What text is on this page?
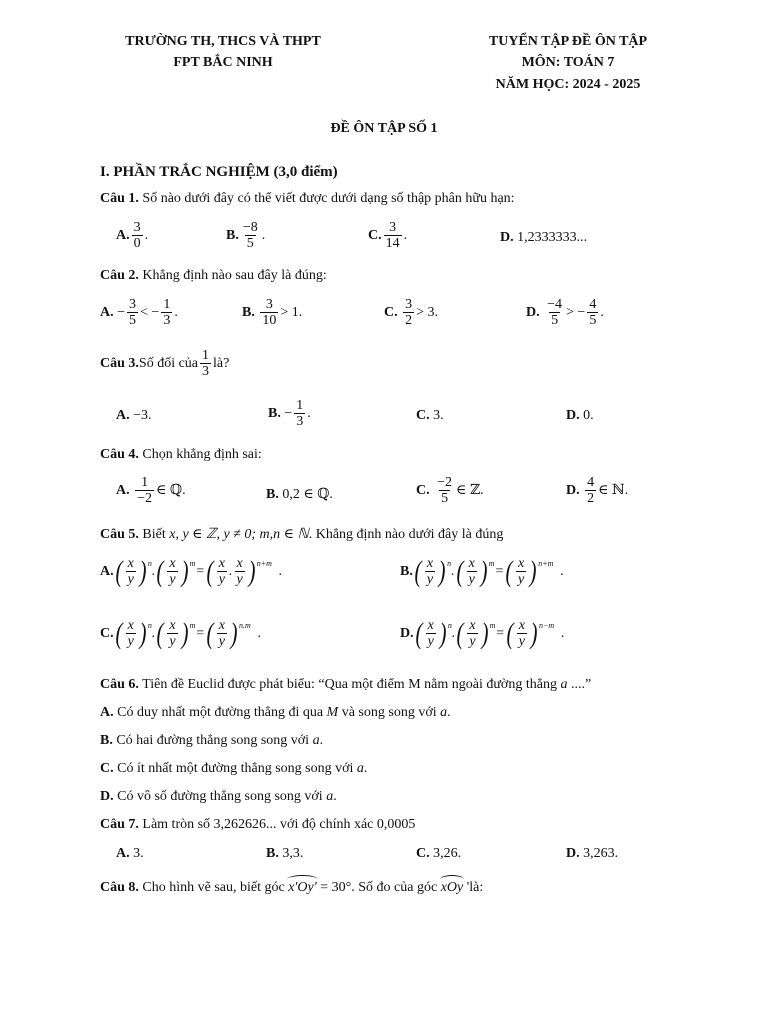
TRƯỜNG TH, THCS VÀ THPT
FPT BẮC NINH
TUYỂN TẬP ĐỀ ÔN TẬP
MÔN: TOÁN 7
NĂM HỌC: 2024 - 2025
ĐỀ ÔN TẬP SỐ 1
I. PHẦN TRẮC NGHIỆM (3,0 điểm)
Câu 1. Số nào dưới đây có thể viết được dưới dạng số thập phân hữu hạn:
A. $\frac{3}{0}$ .	B. $\frac{-8}{5}$ .	C. $\frac{3}{14}$ .	D.
1,2333333...
Câu 2. Khẳng định nào sau đây là đúng:
A. − $\frac{3}{5}$ < − $\frac{1}{3}$ .	B.
$\frac{3}{10} > 1$.	C.
$\frac{3}{2} > 3$.	D.
$\frac{-4}{5}$ > − $\frac{4}{5}$ .
Câu 3. Số đối của $\frac{1}{3}$ là?
A.
−3 .	B. − $\frac{1}{3}$ .	C.
3 .	D.
0 .
Câu 4. Chọn khẳng định sai:
A.
$\frac{1}{-2}$ ∈ ℚ .	B.
0,2 ∈ ℚ .	C.
$\frac{-2}{5}$ ∈ ℤ .	D.
$\frac{4}{2}$ ∈ ℕ .
Câu 5. Biết x, y ∈ ℤ, y ≠ 0; m,n ∈ ℕ. Khẳng định nào dưới đây là đúng
A. ( $\frac{x}{y} )^n$ . ( $\frac{x}{y} )^m$ = ( $\frac{x}{y}$ . $\frac{x}{y} )^{n+m}$ .	B. ( $\frac{x}{y} )^n$ . ( $\frac{x}{y} )^m$ = ( $\frac{x}{y} )^{n+m}$ .
C. ( $\frac{x}{y} )^n$ . ( $\frac{x}{y} )^m$ = ( $\frac{x}{y} )^{n.m}$ .	D. ( $\frac{x}{y} )^n$ . ( $\frac{x}{y} )^m$ = ( $\frac{x}{y} )^{n-m}$ .
Câu 6. Tiên đề Euclid được phát biểu: “Qua một điểm M nằm ngoài đường thẳng a ....”
A. Có duy nhất một đường thẳng đi qua M và song song với a.
B. Có hai đường thẳng song song với a.
C. Có ít nhất một đường thẳng song song với a.
D. Có vô số đường thẳng song song với a.
Câu 7. Làm tròn số 3,262626... với độ chính xác 0,0005
A. 3.	B. 3,3.	C. 3,26.	D. 3,263.
Câu 8. Cho hình vẽ sau, biết góc x'Oy' = 30°. Số đo của góc xOy 'là:
